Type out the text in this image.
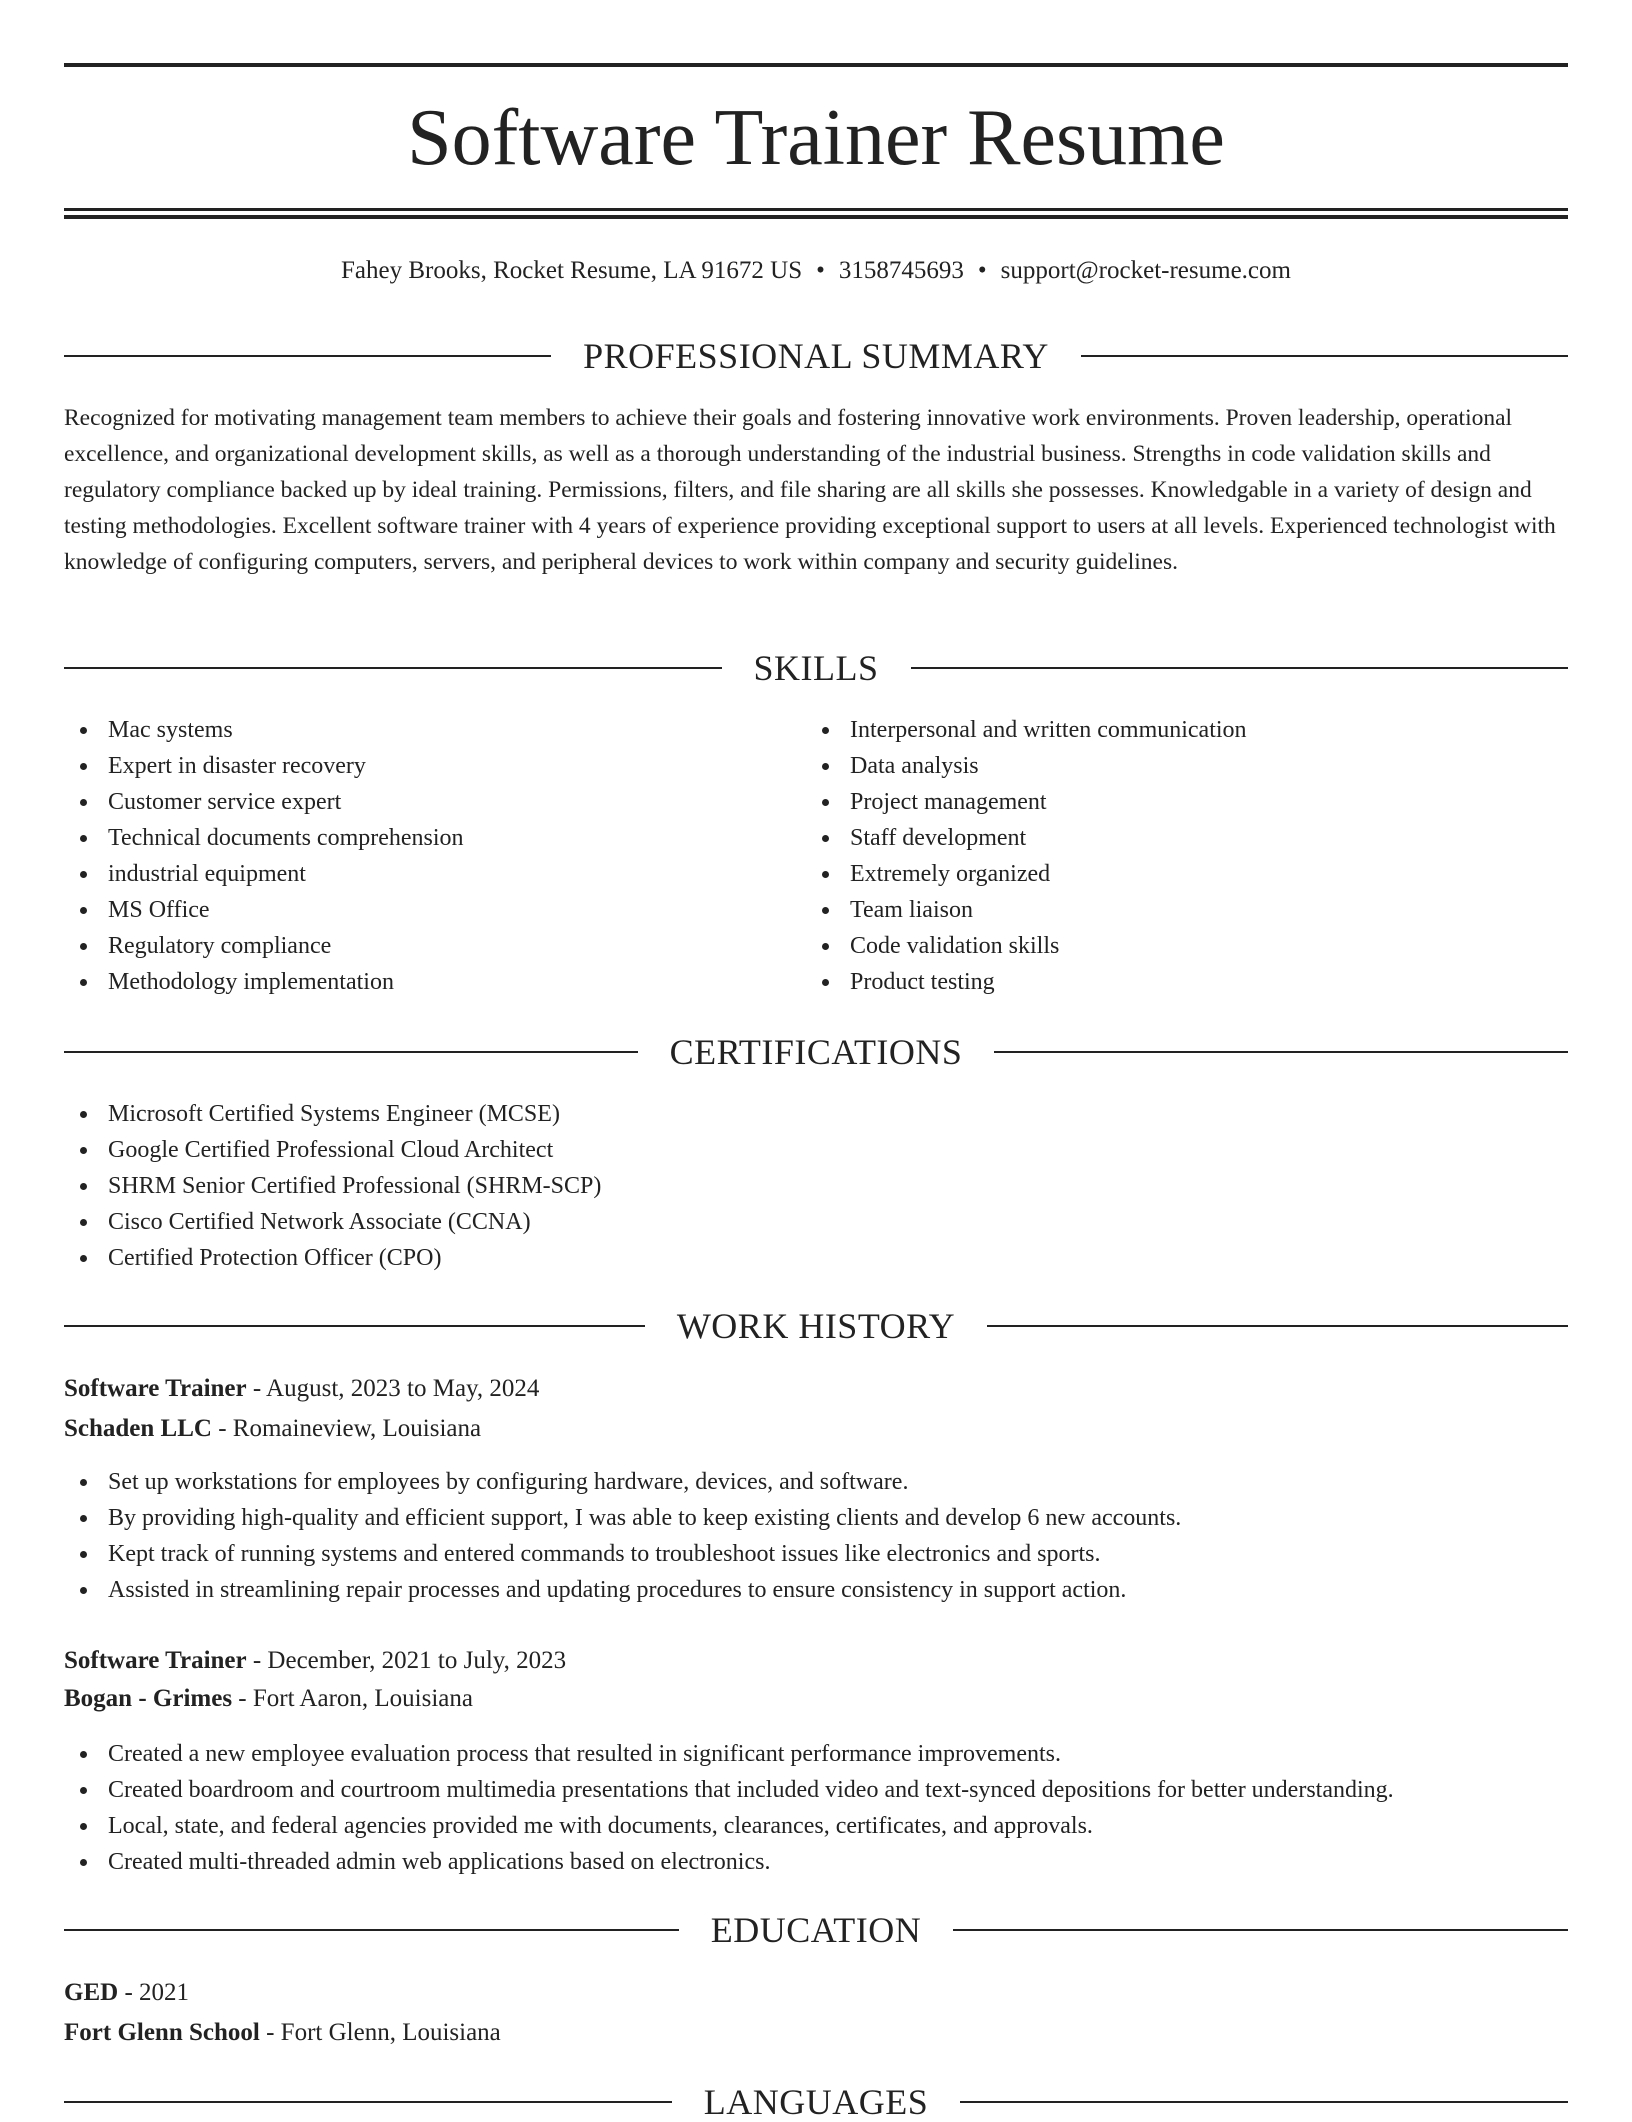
Software Trainer Resume
Fahey Brooks, Rocket Resume, LA 91672 US • 3158745693 • support@rocket-resume.com
PROFESSIONAL SUMMARY

Recognized for motivating management team members to achieve their goals and fostering innovative work environments. Proven leadership, operational excellence, and organizational development skills, as well as a thorough understanding of the industrial business. Strengths in code validation skills and regulatory compliance backed up by ideal training. Permissions, filters, and file sharing are all skills she possesses. Knowledgable in a variety of design and testing methodologies. Excellent software trainer with 4 years of experience providing exceptional support to users at all levels. Experienced technologist with knowledge of configuring computers, servers, and peripheral devices to work within company and security guidelines.

SKILLS
Mac systems
Expert in disaster recovery
Customer service expert
Technical documents comprehension
industrial equipment
MS Office
Regulatory compliance
Methodology implementation
Interpersonal and written communication
Data analysis
Project management
Staff development
Extremely organized
Team liaison
Code validation skills
Product testing
CERTIFICATIONS
Microsoft Certified Systems Engineer (MCSE)
Google Certified Professional Cloud Architect
SHRM Senior Certified Professional (SHRM-SCP)
Cisco Certified Network Associate (CCNA)
Certified Protection Officer (CPO)
WORK HISTORY
Software Trainer - August, 2023 to May, 2024
Schaden LLC - Romaineview, Louisiana
Set up workstations for employees by configuring hardware, devices, and software.
By providing high-quality and efficient support, I was able to keep existing clients and develop 6 new accounts.
Kept track of running systems and entered commands to troubleshoot issues like electronics and sports.
Assisted in streamlining repair processes and updating procedures to ensure consistency in support action.
Software Trainer - December, 2021 to July, 2023
Bogan - Grimes - Fort Aaron, Louisiana
Created a new employee evaluation process that resulted in significant performance improvements.
Created boardroom and courtroom multimedia presentations that included video and text-synced depositions for better understanding.
Local, state, and federal agencies provided me with documents, clearances, certificates, and approvals.
Created multi-threaded admin web applications based on electronics.
EDUCATION
GED - 2021
Fort Glenn School - Fort Glenn, Louisiana
LANGUAGES
